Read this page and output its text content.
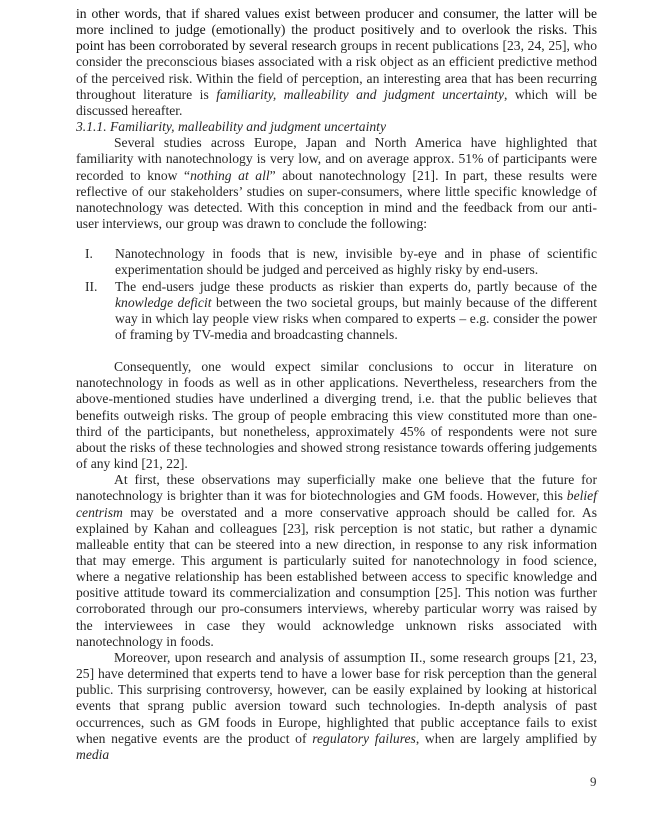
in other words, that if shared values exist between producer and consumer, the latter will be more inclined to judge (emotionally) the product positively and to overlook the risks. This point has been corroborated by several research groups in recent publications [23, 24, 25], who consider the preconscious biases associated with a risk object as an efficient predictive method of the perceived risk. Within the field of perception, an interesting area that has been recurring throughout literature is familiarity, malleability and judgment uncertainty, which will be discussed hereafter.

3.1.1. Familiarity, malleability and judgment uncertainty

Several studies across Europe, Japan and North America have highlighted that familiarity with nanotechnology is very low, and on average approx. 51% of participants were recorded to know “nothing at all” about nanotechnology [21]. In part, these results were reflective of our stakeholders’ studies on super-consumers, where little specific knowledge of nanotechnology was detected. With this conception in mind and the feedback from our anti-user interviews, our group was drawn to conclude the following:

I. Nanotechnology in foods that is new, invisible by-eye and in phase of scientific experimentation should be judged and perceived as highly risky by end-users.
II. The end-users judge these products as riskier than experts do, partly because of the knowledge deficit between the two societal groups, but mainly because of the different way in which lay people view risks when compared to experts – e.g. consider the power of framing by TV-media and broadcasting channels.

Consequently, one would expect similar conclusions to occur in literature on nanotechnology in foods as well as in other applications. Nevertheless, researchers from the above-mentioned studies have underlined a diverging trend, i.e. that the public believes that benefits outweigh risks. The group of people embracing this view constituted more than one-third of the participants, but nonetheless, approximately 45% of respondents were not sure about the risks of these technologies and showed strong resistance towards offering judgements of any kind [21, 22].

At first, these observations may superficially make one believe that the future for nanotechnology is brighter than it was for biotechnologies and GM foods. However, this belief centrism may be overstated and a more conservative approach should be called for. As explained by Kahan and colleagues [23], risk perception is not static, but rather a dynamic malleable entity that can be steered into a new direction, in response to any risk information that may emerge. This argument is particularly suited for nanotechnology in food science, where a negative relationship has been established between access to specific knowledge and positive attitude toward its commercialization and consumption [25]. This notion was further corroborated through our pro-consumers interviews, whereby particular worry was raised by the interviewees in case they would acknowledge unknown risks associated with nanotechnology in foods.

Moreover, upon research and analysis of assumption II., some research groups [21, 23, 25] have determined that experts tend to have a lower base for risk perception than the general public. This surprising controversy, however, can be easily explained by looking at historical events that sprang public aversion toward such technologies. In-depth analysis of past occurrences, such as GM foods in Europe, highlighted that public acceptance fails to exist when negative events are the product of regulatory failures, when are largely amplified by media

9
